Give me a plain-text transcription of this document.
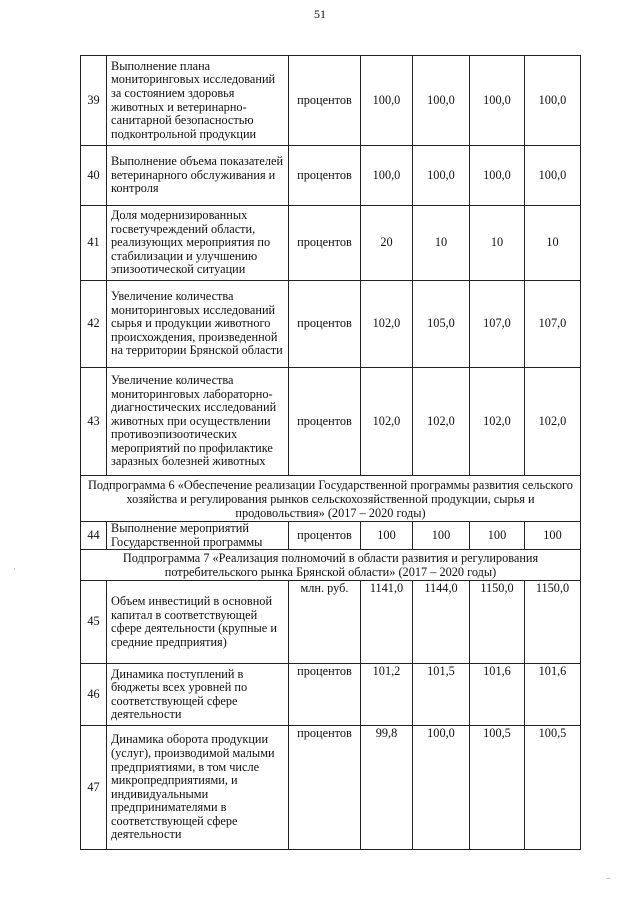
51
39	Выполнение плана мониторинговых исследований за состоянием здоровья животных и ветеринарно-санитарной безопасностью подконтрольной продукции	процентов	100,0	100,0	100,0	100,0
40	Выполнение объема показателей ветеринарного обслуживания и контроля	процентов	100,0	100,0	100,0	100,0
41	Доля модернизированных госветучреждений области, реализующих мероприятия по стабилизации и улучшению эпизоотической ситуации	процентов	20	10	10	10
42	Увеличение количества мониторинговых исследований сырья и продукции животного происхождения, произведенной на территории Брянской области	процентов	102,0	105,0	107,0	107,0
43	Увеличение количества мониторинговых лабораторно-диагностических исследований животных при осуществлении противоэпизоотических мероприятий по профилактике заразных болезней животных	процентов	102,0	102,0	102,0	102,0
Подпрограмма 6 «Обеспечение реализации Государственной программы развития сельского хозяйства и регулирования рынков сельскохозяйственной продукции, сырья и продовольствия» (2017 – 2020 годы)						
44	Выполнение мероприятий Государственной программы	процентов	100	100	100	100
Подпрограмма 7 «Реализация полномочий в области развития и регулирования потребительского рынка Брянской области» (2017 – 2020 годы)						
45	Объем инвестиций в основной капитал в соответствующей сфере деятельности (крупные и средние предприятия)	млн. руб.	1141,0	1144,0	1150,0	1150,0
46	Динамика поступлений в бюджеты всех уровней по соответствующей сфере деятельности	процентов	101,2	101,5	101,6	101,6
47	Динамика оборота продукции (услуг), производимой малыми предприятиями, в том числе микропредприятиями, и индивидуальными предпринимателями в соответствующей сфере деятельности	процентов	99,8	100,0	100,5	100,5
·
–
